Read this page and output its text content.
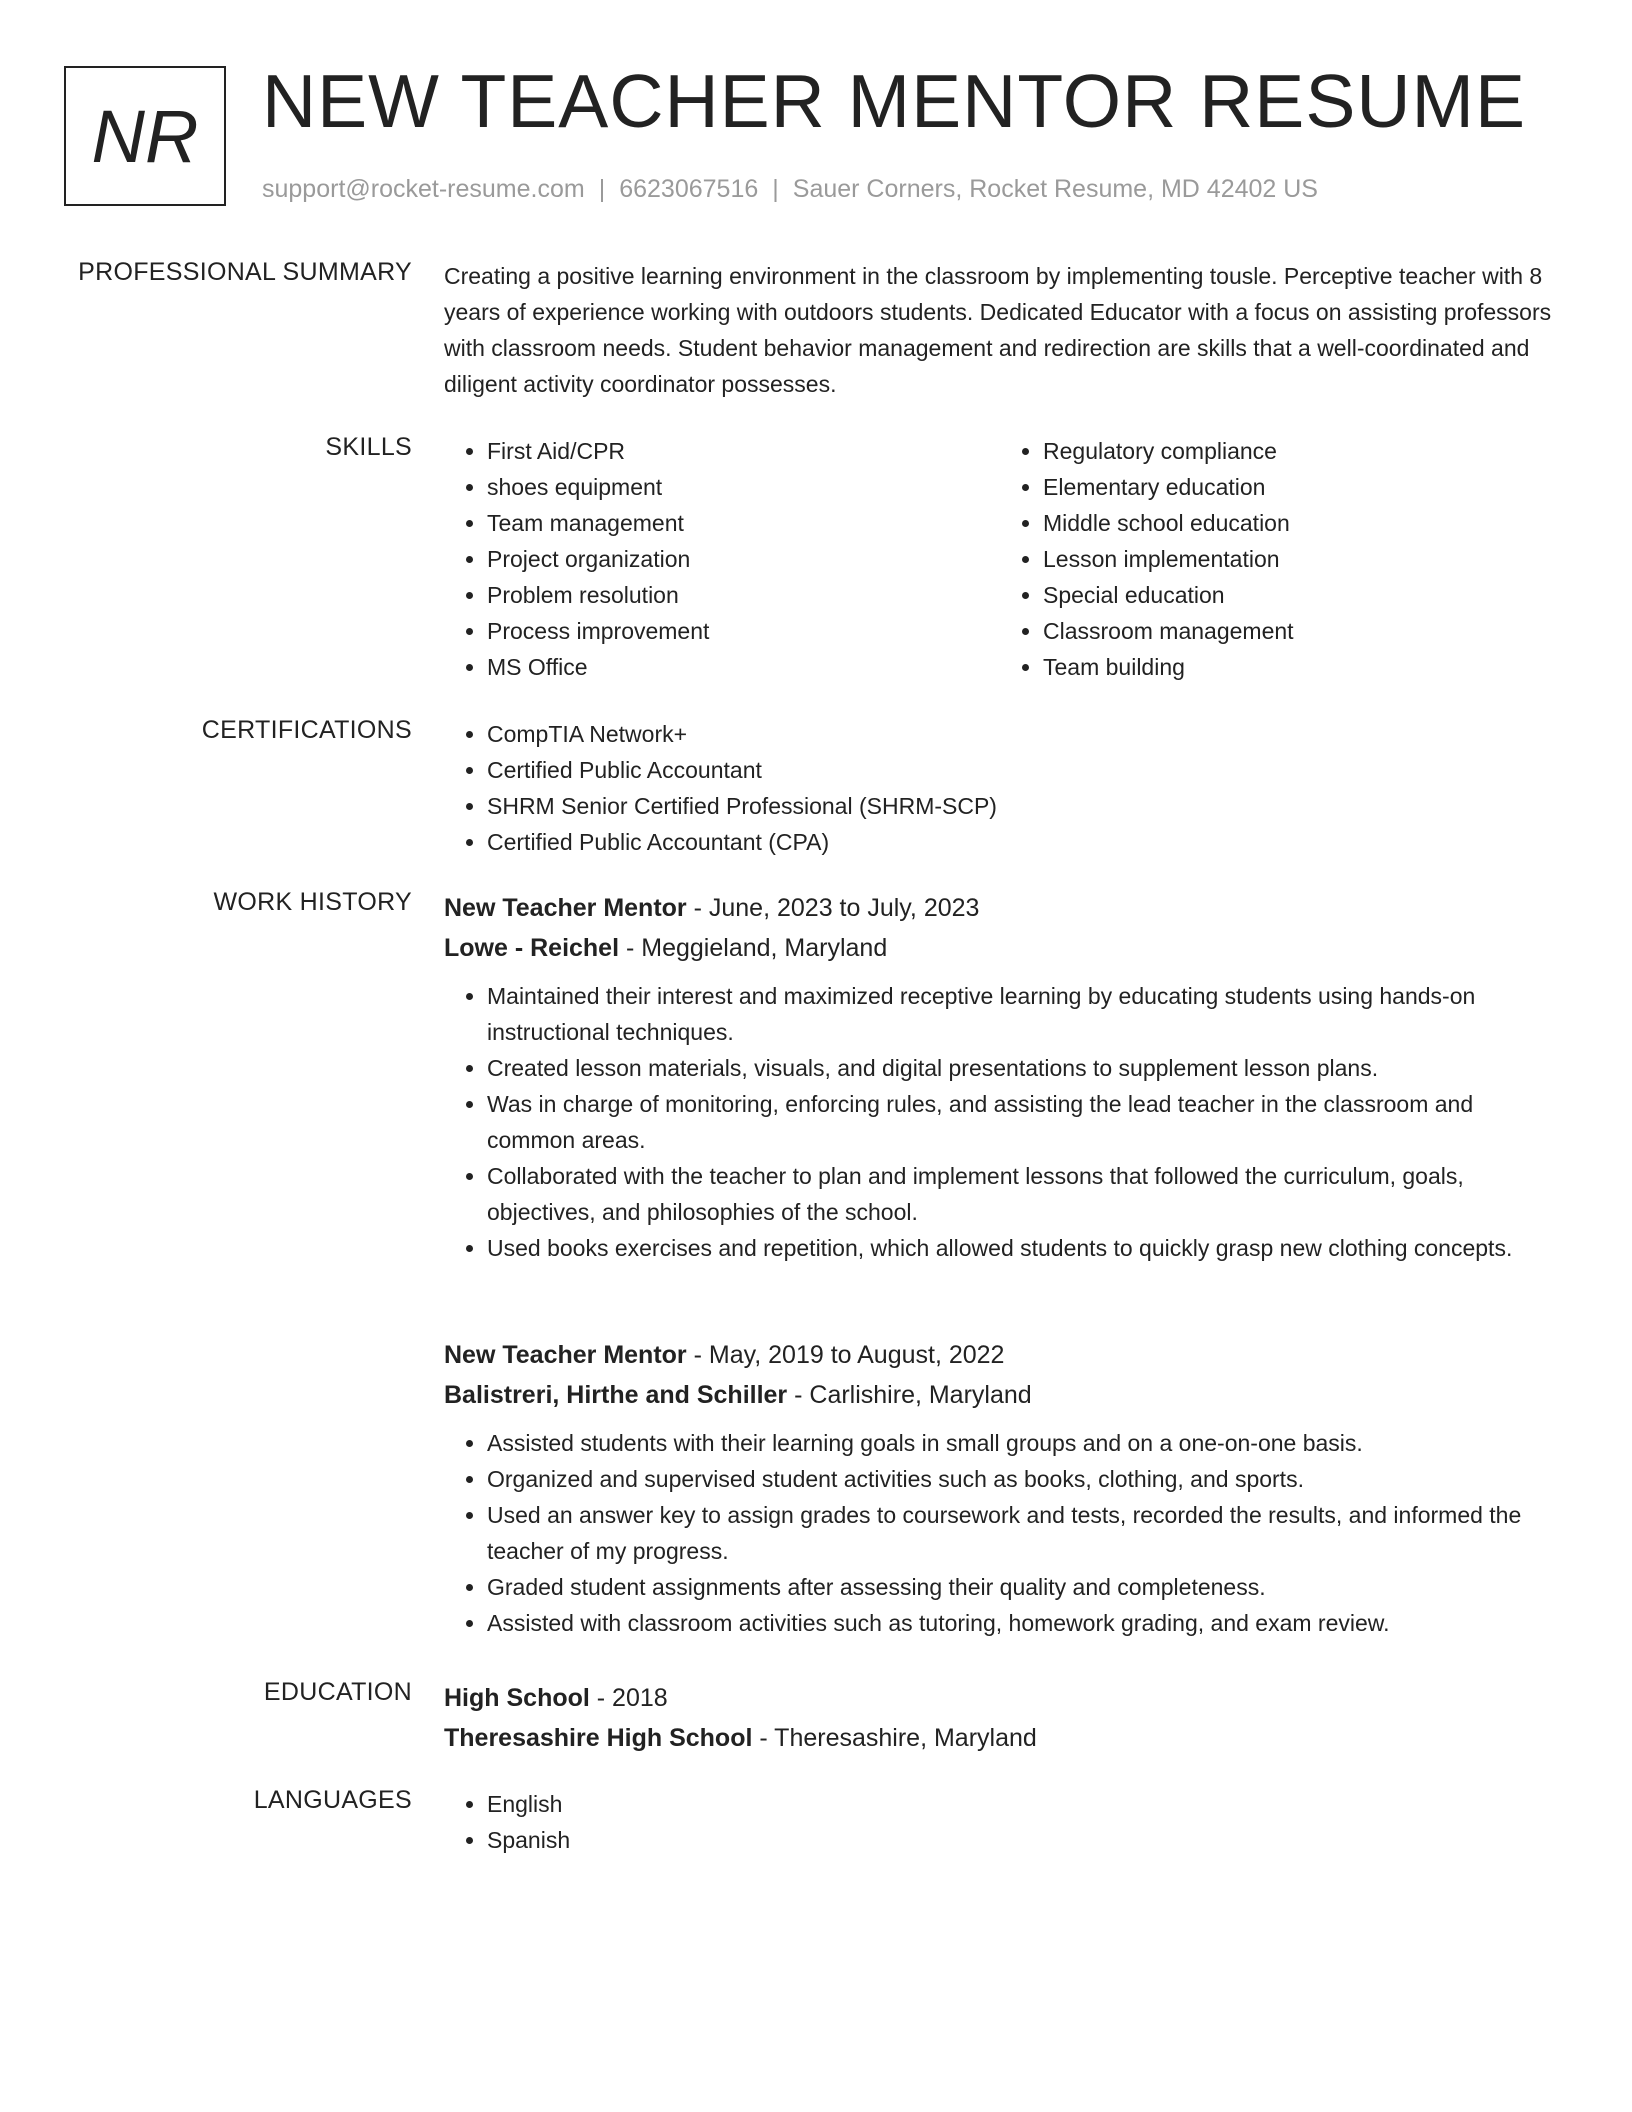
NR NEW TEACHER MENTOR RESUME
support@rocket-resume.com | 6623067516 | Sauer Corners, Rocket Resume, MD 42402 US
PROFESSIONAL SUMMARY Creating a positive learning environment in the classroom by implementing tousle. Perceptive teacher with 8 years of experience working with outdoors students. Dedicated Educator with a focus on assisting professors with classroom needs. Student behavior management and redirection are skills that a well-coordinated and diligent activity coordinator possesses.

SKILLS	• First Aid/CPR
• shoes equipment
• Team management
• Project organization
• Problem resolution
• Process improvement
• MS Office
• Regulatory compliance
• Elementary education
• Middle school education
• Lesson implementation
• Special education
• Classroom management
• Team building
CERTIFICATIONS	• CompTIA Network+
• Certified Public Accountant
• SHRM Senior Certified Professional (SHRM-SCP)
• Certified Public Accountant (CPA)
WORK HISTORY New Teacher Mentor - June, 2023 to July, 2023
Lowe - Reichel - Meggieland, Maryland
• Maintained their interest and maximized receptive learning by educating students using hands-on instructional techniques.
• Created lesson materials, visuals, and digital presentations to supplement lesson plans.
• Was in charge of monitoring, enforcing rules, and assisting the lead teacher in the classroom and common areas.
• Collaborated with the teacher to plan and implement lessons that followed the curriculum, goals, objectives, and philosophies of the school.
• Used books exercises and repetition, which allowed students to quickly grasp new clothing concepts.
New Teacher Mentor - May, 2019 to August, 2022
Balistreri, Hirthe and Schiller - Carlishire, Maryland
• Assisted students with their learning goals in small groups and on a one-on-one basis.
• Organized and supervised student activities such as books, clothing, and sports.
• Used an answer key to assign grades to coursework and tests, recorded the results, and informed the teacher of my progress.
• Graded student assignments after assessing their quality and completeness.
• Assisted with classroom activities such as tutoring, homework grading, and exam review.
EDUCATION High School - 2018
Theresashire High School - Theresashire, Maryland
LANGUAGES	• English
• Spanish
